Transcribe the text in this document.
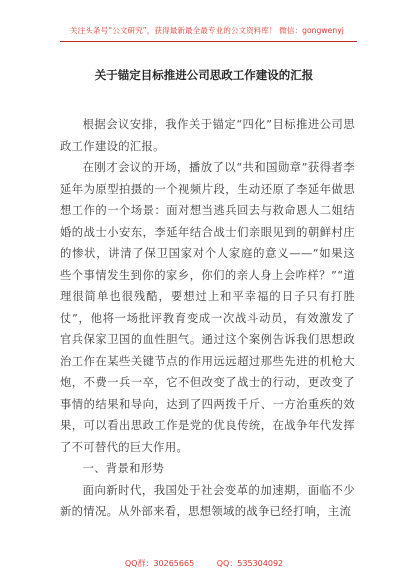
关注头条号“公文研究”，获得最新最全最专业的公文资料库！ 微信：gongwenyj
关于锚定目标推进公司思政工作建设的汇报

根据会议安排，我作关于锚定“四化”目标推进公司思政工作建设的汇报。

在刚才会议的开场，播放了以“共和国勋章”获得者李延年为原型拍摄的一个视频片段，生动还原了李延年做思想工作的一个场景：面对想当逃兵回去与救命恩人二姐结婚的战士小安东，李延年结合战士们亲眼见到的朝鲜村庄的惨状，讲清了保卫国家对个人家庭的意义——“如果这些个事情发生到你的家乡，你们的亲人身上会咋样？”“道理很简单也很残酷，要想过上和平幸福的日子只有打胜仗”，他将一场批评教育变成一次战斗动员，有效激发了官兵保家卫国的血性胆气。通过这个案例告诉我们思想政治工作在某些关键节点的作用远远超过那些先进的机枪大炮，不费一兵一卒，它不但改变了战士的行动，更改变了事情的结果和导向，达到了四两拨千斤、一方治重疾的效果，可以看出思政工作是党的优良传统，在战争年代发挥了不可替代的巨大作用。

一、背景和形势

面向新时代，我国处于社会变革的加速期，面临不少新的情况。从外部来看，思想领域的战争已经打响，主流

QQ群：30265665	QQ：535304092
